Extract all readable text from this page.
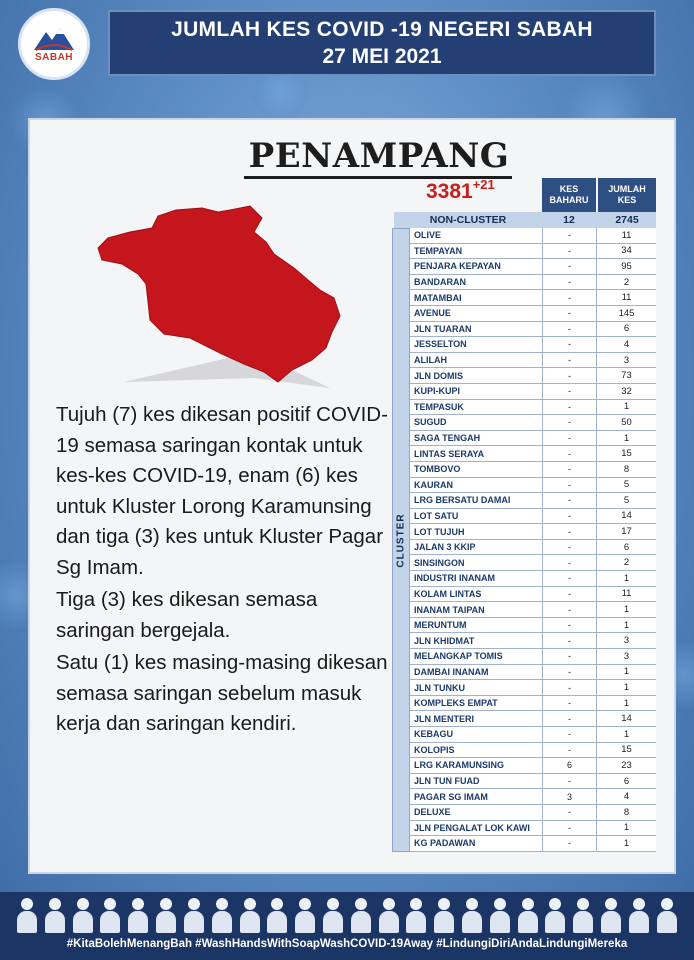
SABAH
JUMLAH KES COVID -19 NEGERI SABAH
27 MEI 2021
PENAMPANG
$3381^{+21}$

Tujuh (7) kes dikesan positif COVID-19 semasa saringan kontak untuk kes-kes COVID-19, enam (6) kes untuk Kluster Lorong Karamunsing dan tiga (3) kes untuk Kluster Pagar Sg Imam.

Tiga (3) kes dikesan semasa saringan bergejala.

Satu (1) kes masing-masing dikesan semasa saringan sebelum masuk kerja dan saringan kendiri.

KES BAHARU
JUMLAH KES
NON-CLUSTER	12	2745
CLUSTER
OLIVE	-	11
TEMPAYAN	-	34
PENJARA KEPAYAN	-	95
BANDARAN	-	2
MATAMBAI	-	11
AVENUE	-	145
JLN TUARAN	-	6
JESSELTON	-	4
ALILAH	-	3
JLN DOMIS	-	73
KUPI-KUPI	-	32
TEMPASUK	-	1
SUGUD	-	50
SAGA TENGAH	-	1
LINTAS SERAYA	-	15
TOMBOVO	-	8
KAURAN	-	5
LRG BERSATU DAMAI	-	5
LOT SATU	-	14
LOT TUJUH	-	17
JALAN 3 KKIP	-	6
SINSINGON	-	2
INDUSTRI INANAM	-	1
KOLAM LINTAS	-	11
INANAM TAIPAN	-	1
MERUNTUM	-	1
JLN KHIDMAT	-	3
MELANGKAP TOMIS	-	3
DAMBAI INANAM	-	1
JLN TUNKU	-	1
KOMPLEKS EMPAT	-	1
JLN MENTERI	-	14
KEBAGU	-	1
KOLOPIS	-	15
LRG KARAMUNSING	6	23
JLN TUN FUAD	-	6
PAGAR SG IMAM	3	4
DELUXE	-	8
JLN PENGALAT LOK KAWI	-	1
KG PADAWAN	-	1
#KitaBolehMenangBah #WashHandsWithSoapWashCOVID-19Away #LindungiDiriAndaLindungiMereka
